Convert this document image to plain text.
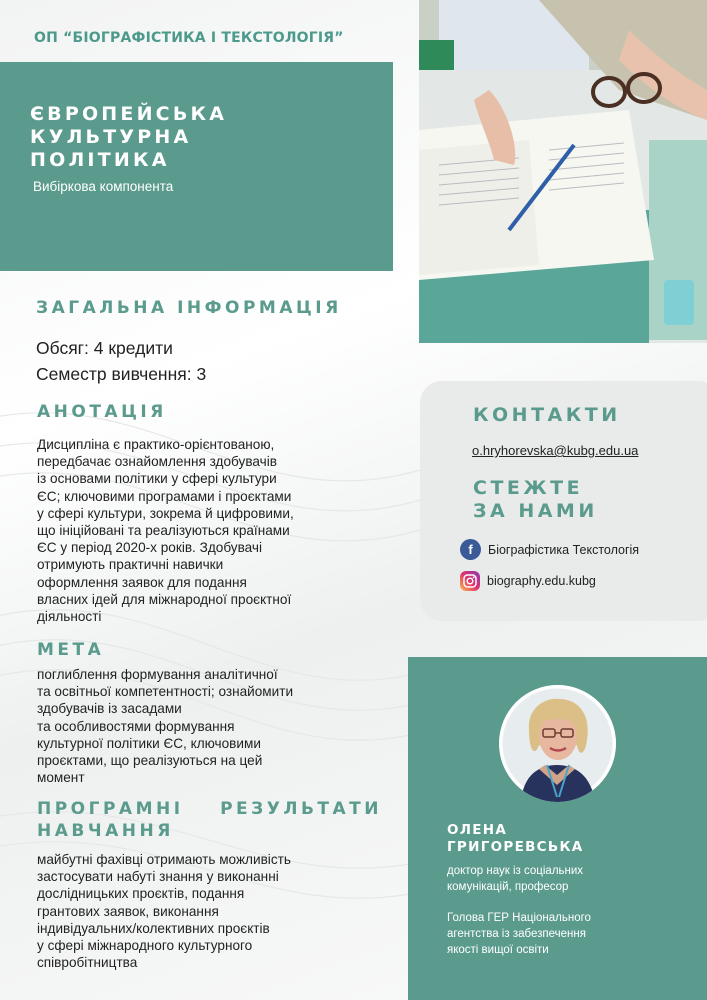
ОП “БІОГРАФІСТИКА І ТЕКСТОЛОГІЯ”
ЄВРОПЕЙСЬКА КУЛЬТУРНА
ПОЛІТИКА
Вибіркова компонента
ЗАГАЛЬНА ІНФОРМАЦІЯ
Обсяг: 4 кредити
Семестр вивчення: 3
АНОТАЦІЯ
Дисципліна є практико-орієнтованою,
передбачає ознайомлення здобувачів
із основами політики у сфері культури
ЄС; ключовими програмами і проєктами
у сфері культури, зокрема й цифровими,
що ініційовані та реалізуються країнами
ЄС у період 2020-х років. Здобувачі
отримують практичні навички
оформлення заявок для подання
власних ідей для міжнародної проєктної
діяльності
МЕТА
поглиблення формування аналітичної
та освітньої компетентності; ознайомити
здобувачів із засадами
та особливостями формування
культурної політики ЄС, ключовими
проєктами, що реалізуються на цей
момент
ПРОГРАМНІ РЕЗУЛЬТАТИ
НАВЧАННЯ
майбутні фахівці отримають можливість
застосувати набуті знання у виконанні
дослідницьких проєктів, подання
грантових заявок, виконання
індивідуальних/колективних проєктів
у сфері міжнародного культурного
співробітництва
КОНТАКТИ
o.hryhorevska@kubg.edu.ua
СТЕЖТЕ
ЗА НАМИ
f	Біографістика Текстологія
biography.edu.kubg
ОЛЕНА
ГРИГОРЕВСЬКА
доктор наук із соціальних
комунікацій, професор
Голова ГЕР Національного
агентства із забезпечення
якості вищої освіти
